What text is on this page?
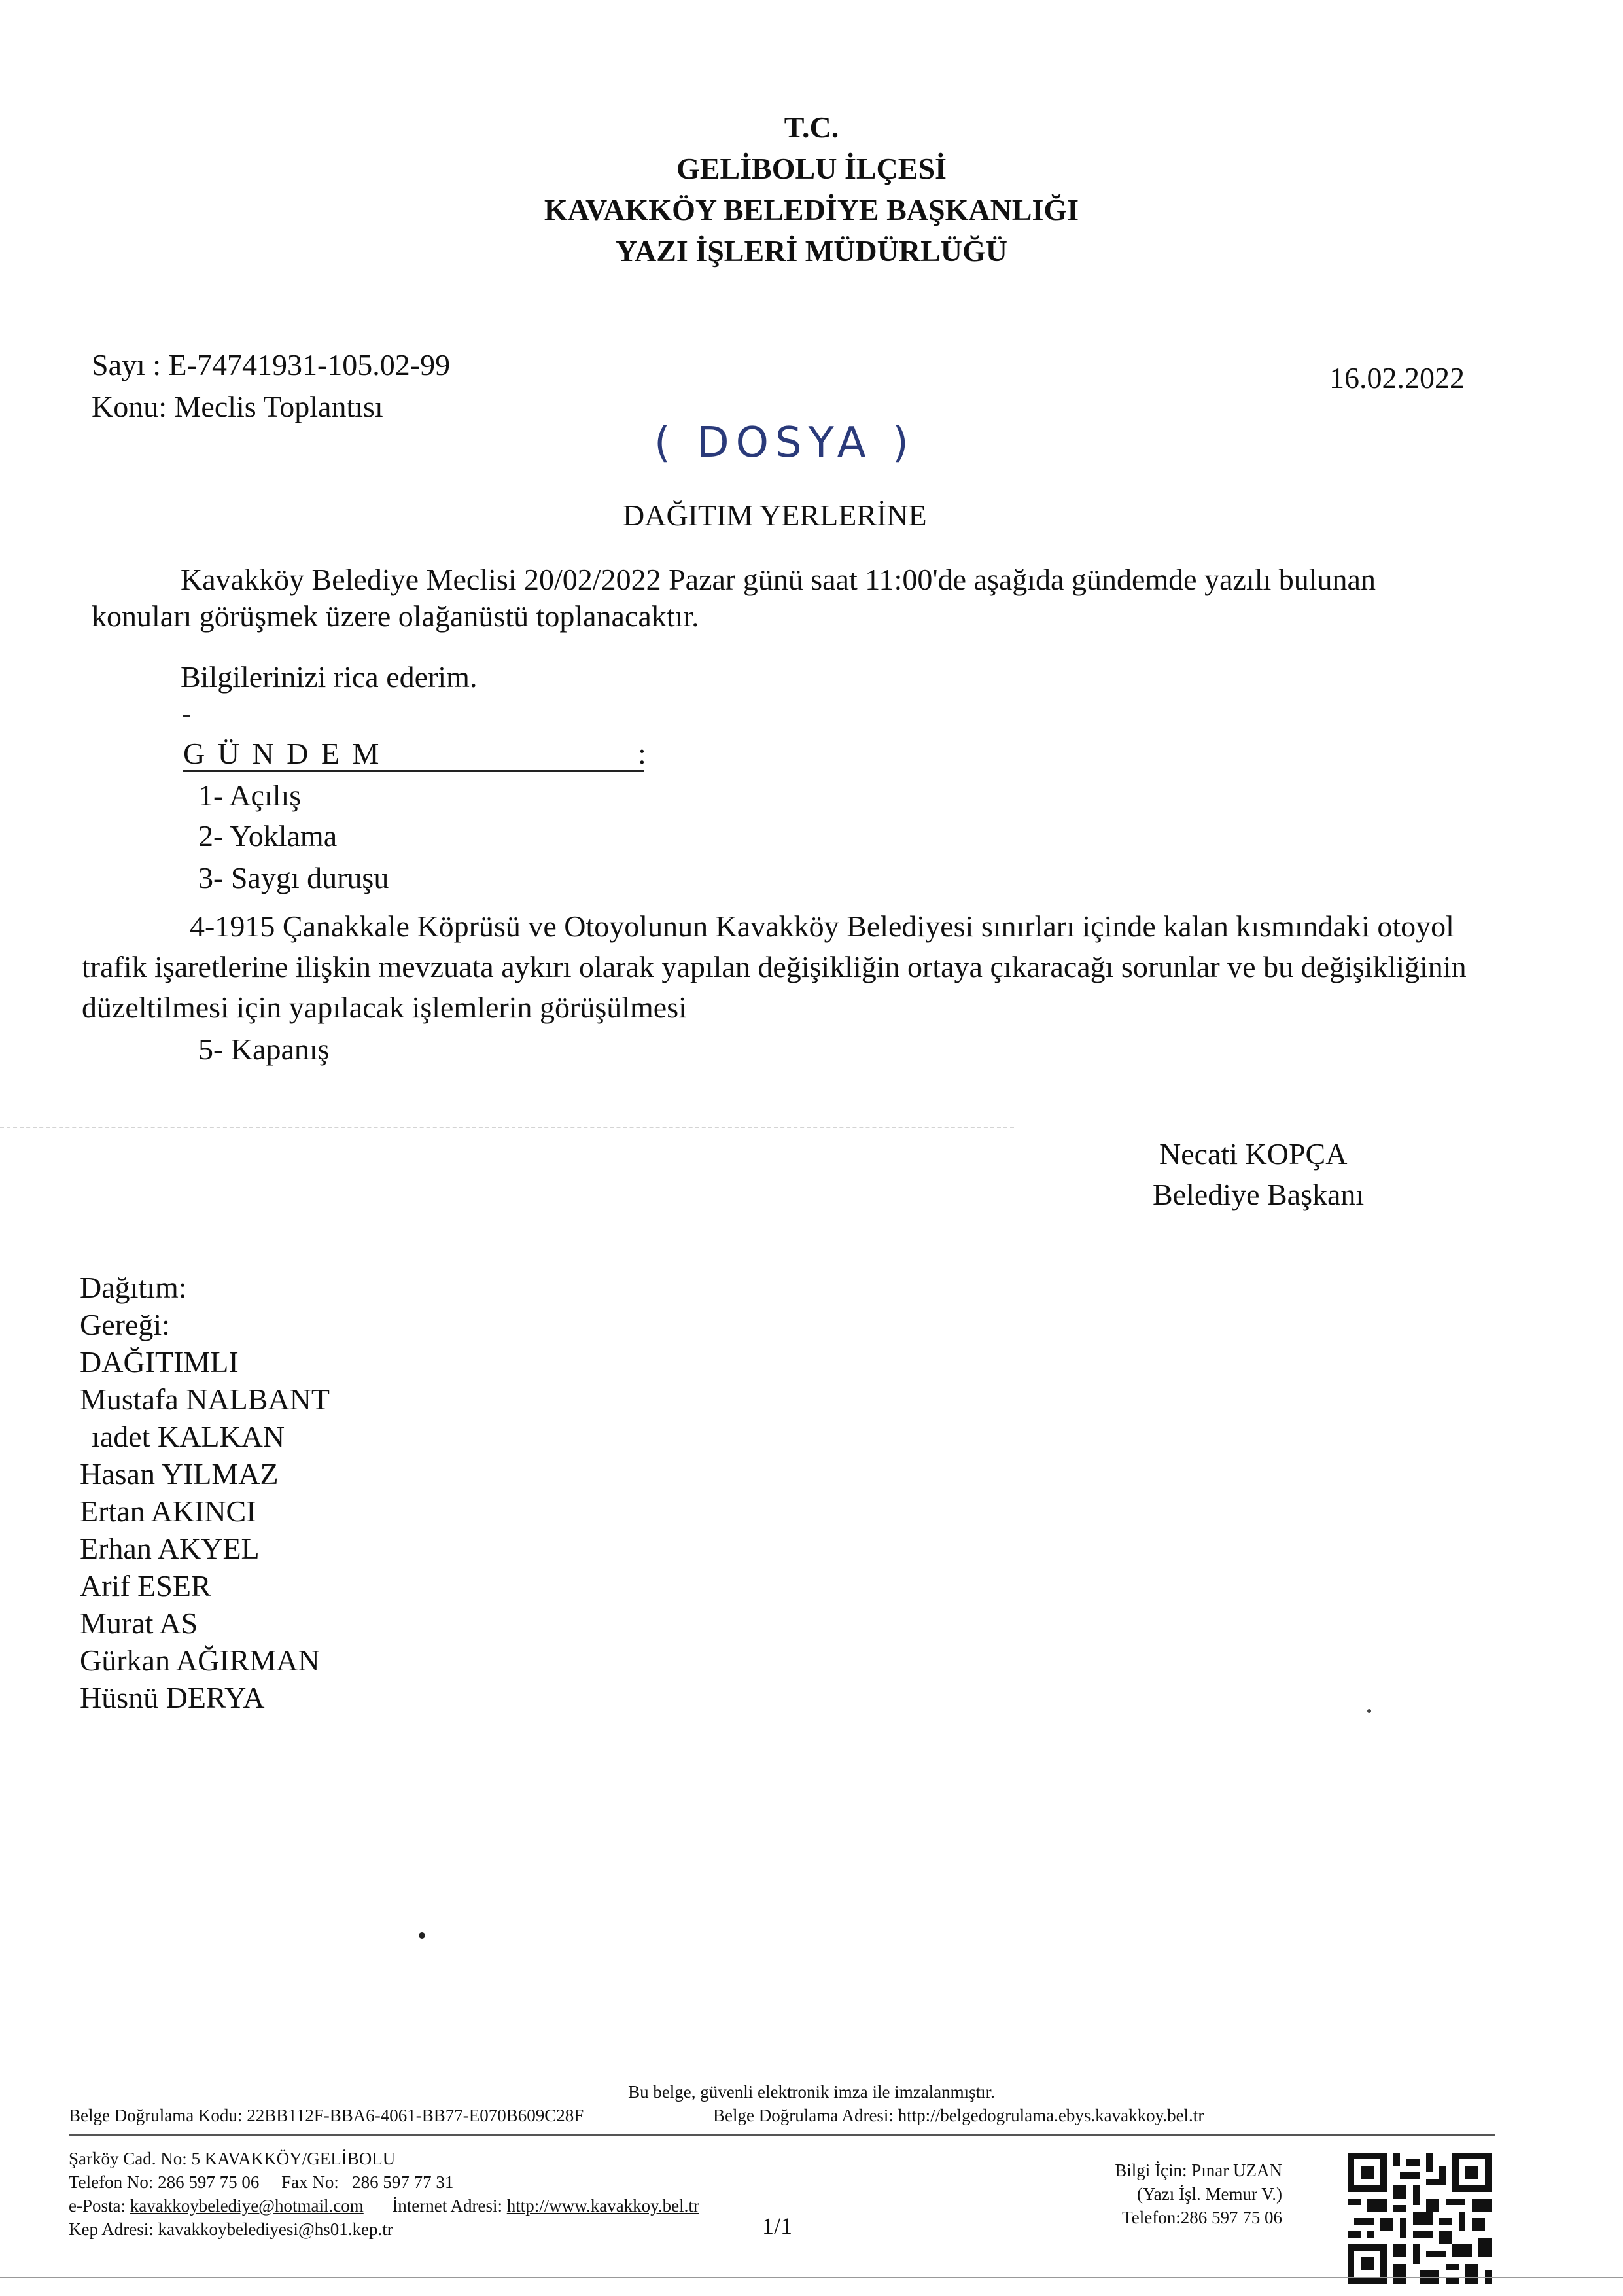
T.C.
GELİBOLU İLÇESİ
KAVAKKÖY BELEDİYE BAŞKANLIĞI
YAZI İŞLERİ MÜDÜRLÜĞÜ
Sayı : E-74741931-105.02-99
Konu: Meclis Toplantısı
16.02.2022
( DOSYA )
DAĞITIM YERLERİNE
Kavakköy Belediye Meclisi 20/02/2022 Pazar günü saat 11:00'de aşağıda gündemde yazılı bulunan
konuları görüşmek üzere olağanüstü toplanacaktır.
Bilgilerinizi rica ederim.
G Ü N D E M	:
1- Açılış
2- Yoklama
3- Saygı duruşu
4-1915 Çanakkale Köprüsü ve Otoyolunun Kavakköy Belediyesi sınırları içinde kalan kısmındaki otoyol
trafik işaretlerine ilişkin mevzuata aykırı olarak yapılan değişikliğin ortaya çıkaracağı sorunlar ve bu değişikliğinin
düzeltilmesi için yapılacak işlemlerin görüşülmesi
5- Kapanış
Necati KOPÇA
Belediye Başkanı
Dağıtım:
Gereği:
DAĞITIMLI
Mustafa NALBANT
ıadet KALKAN
Hasan YILMAZ
Ertan AKINCI
Erhan AKYEL
Arif ESER
Murat AS
Gürkan AĞIRMAN
Hüsnü DERYA
Bu belge, güvenli elektronik imza ile imzalanmıştır.
Belge Doğrulama Kodu: 22BB112F-BBA6-4061-BB77-E070B609C28F	Belge Doğrulama Adresi: http://belgedogrulama.ebys.kavakkoy.bel.tr
Şarköy Cad. No: 5 KAVAKKÖY/GELİBOLU
Telefon No: 286 597 75 06     Fax No:   286 597 77 31
e-Posta: kavakkoybelediye@hotmail.com İnternet Adresi: http://www.kavakkoy.bel.tr
Kep Adresi: kavakkoybelediyesi@hs01.kep.tr	1/1
Bilgi İçin: Pınar UZAN
(Yazı İşl. Memur V.)
Telefon:286 597 75 06
